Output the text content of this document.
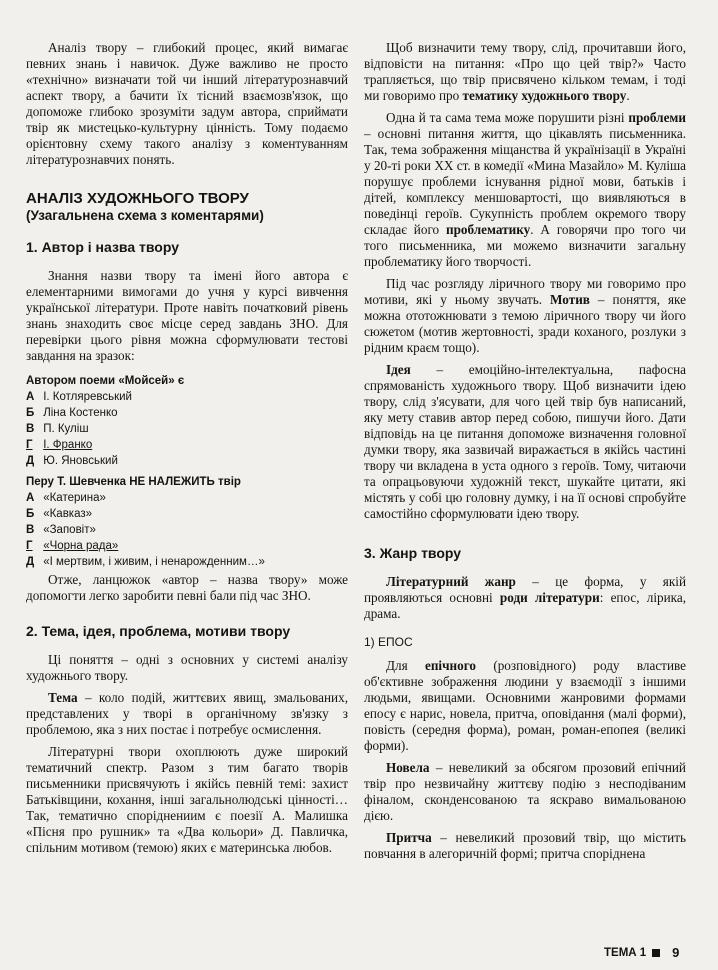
Аналіз твору – глибокий процес, який вимагає певних знань і навичок. Дуже важливо не просто «технічно» визначати той чи інший літературознавчий аспект твору, а бачити їх тісний взаємозв'язок, що допоможе глибоко зрозуміти задум автора, сприймати твір як мистецько-культурну цінність. Тому подаємо орієнтовну схему такого аналізу з коментуванням літературознавчих понять.

АНАЛІЗ ХУДОЖНЬОГО ТВОРУ

(Узагальнена схема з коментарями)

1. Автор і назва твору

Знання назви твору та імені його автора є елементарними вимогами до учня у курсі вивчення української літератури. Проте навіть початковий рівень знань знаходить своє місце серед завдань ЗНО. Для перевірки цього рівня можна сформулювати тестові завдання на зразок:

Автором поеми «Мойсей» є

А І. Котляревський

Б Ліна Костенко

В П. Куліш

Г І. Франко

Д Ю. Яновський

Перу Т. Шевченка НЕ НАЛЕЖИТЬ твір

А «Катерина»

Б «Кавказ»

В «Заповіт»

Г «Чорна рада»

Д «І мертвим, і живим, і ненарожденним…»

Отже, ланцюжок «автор – назва твору» може допомогти легко заробити певні бали під час ЗНО.

2. Тема, ідея, проблема, мотиви твору

Ці поняття – одні з основних у системі аналізу художнього твору.

Тема – коло подій, життєвих явищ, змальованих, представлених у творі в органічному зв'язку з проблемою, яка з них постає і потребує осмислення.

Літературні твори охоплюють дуже широкий тематичний спектр. Разом з тим багато творів письменники присвячують і якійсь певній темі: захист Батьківщини, кохання, інші загальнолюдські цінності… Так, тематично споріднениим є поезії А. Малишка «Пісня про рушник» та «Два кольори» Д. Павличка, спільним мотивом (темою) яких є материнська любов.

Щоб визначити тему твору, слід, прочитавши його, відповісти на питання: «Про що цей твір?» Часто трапляється, що твір присвячено кільком темам, і тоді ми говоримо про тематику художнього твору.

Одна й та сама тема може порушити різні проблеми – основні питання життя, що цікавлять письменника. Так, тема зображення міщанства й українізації в Україні у 20-ті роки XX ст. в комедії «Мина Мазайло» М. Куліша порушує проблеми існування рідної мови, батьків і дітей, комплексу меншовартості, що виявляються в поведінці героїв. Сукупність проблем окремого твору складає його проблематику. А говорячи про того чи того письменника, ми можемо визначити загальну проблематику його творчості.

Під час розгляду ліричного твору ми говоримо про мотиви, які у ньому звучать. Мотив – поняття, яке можна ототожнювати з темою ліричного твору чи його сюжетом (мотив жертовності, зради коханого, розлуки з рідним краєм тощо).

Ідея – емоційно-інтелектуальна, пафосна спрямованість художнього твору. Щоб визначити ідею твору, слід з'ясувати, для чого цей твір був написаний, яку мету ставив автор перед собою, пишучи його. Дати відповідь на це питання допоможе визначення головної думки твору, яка зазвичай виражається в якійсь частині твору чи вкладена в уста одного з героїв. Тому, читаючи та опрацьовуючи художній текст, шукайте цитати, які містять у собі цю головну думку, і на її основі спробуйте самостійно сформулювати ідею твору.

3. Жанр твору

Літературний жанр – це форма, у якій проявляються основні роди літератури: епос, лірика, драма.

1) ЕПОС

Для епічного (розповідного) роду властиве об'єктивне зображення людини у взаємодії з іншими людьми, явищами. Основними жанровими формами епосу є нарис, новела, притча, оповідання (малі форми), повість (середня форма), роман, роман-епопея (великі форми).

Новела – невеликий за обсягом прозовий епічний твір про незвичайну життєву подію з несподіваним фіналом, сконденсованою та яскраво вимальованою дією.

Притча – невеликий прозовий твір, що містить повчання в алегоричній формі; притча споріднена

ТЕМА 1 9
